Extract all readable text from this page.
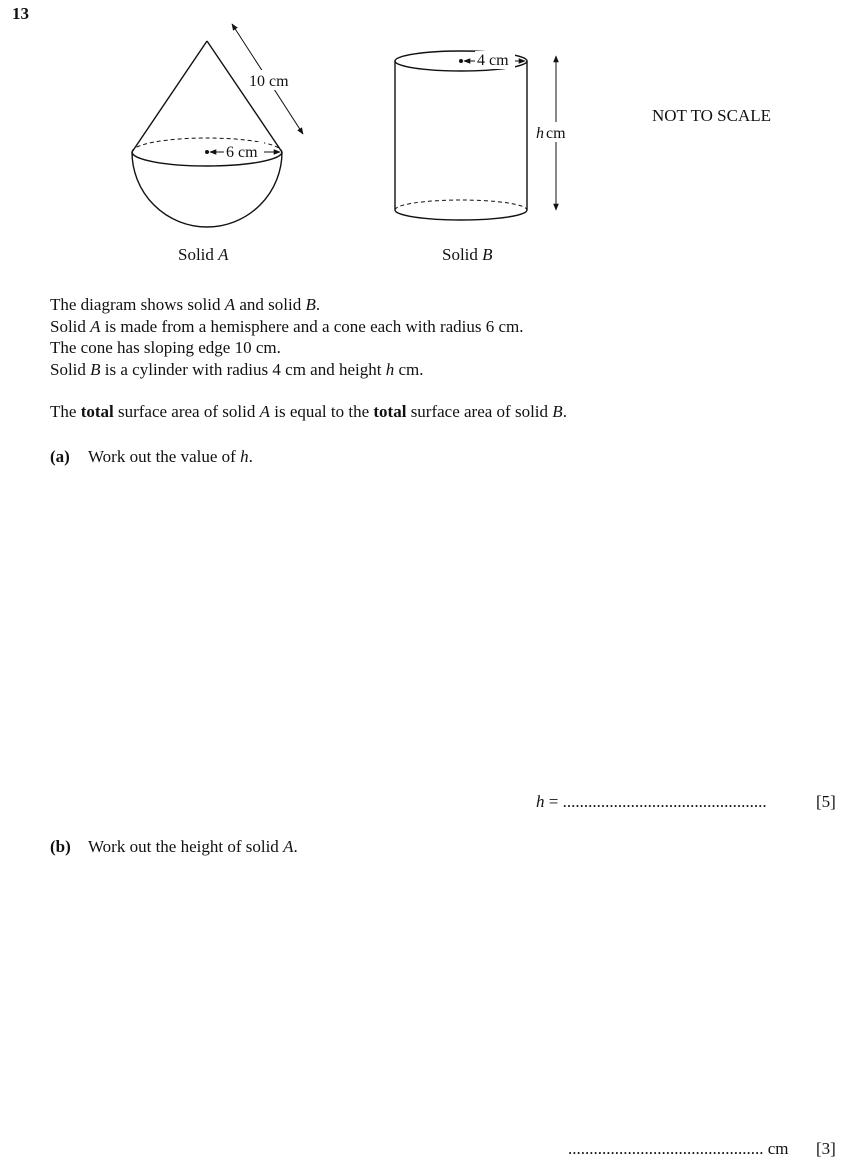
13
10 cm
6 cm
4 cm
h cm
NOT TO SCALE
Solid A	Solid B
The diagram shows solid A and solid B.
Solid A is made from a hemisphere and a cone each with radius 6 cm.
The cone has sloping edge 10 cm.
Solid B is a cylinder with radius 4 cm and height h cm.
The total surface area of solid A is equal to the total surface area of solid B.
(a) Work out the value of h.
h = ................................................	[5]
(b) Work out the height of solid A.
.............................................. cm [3]
